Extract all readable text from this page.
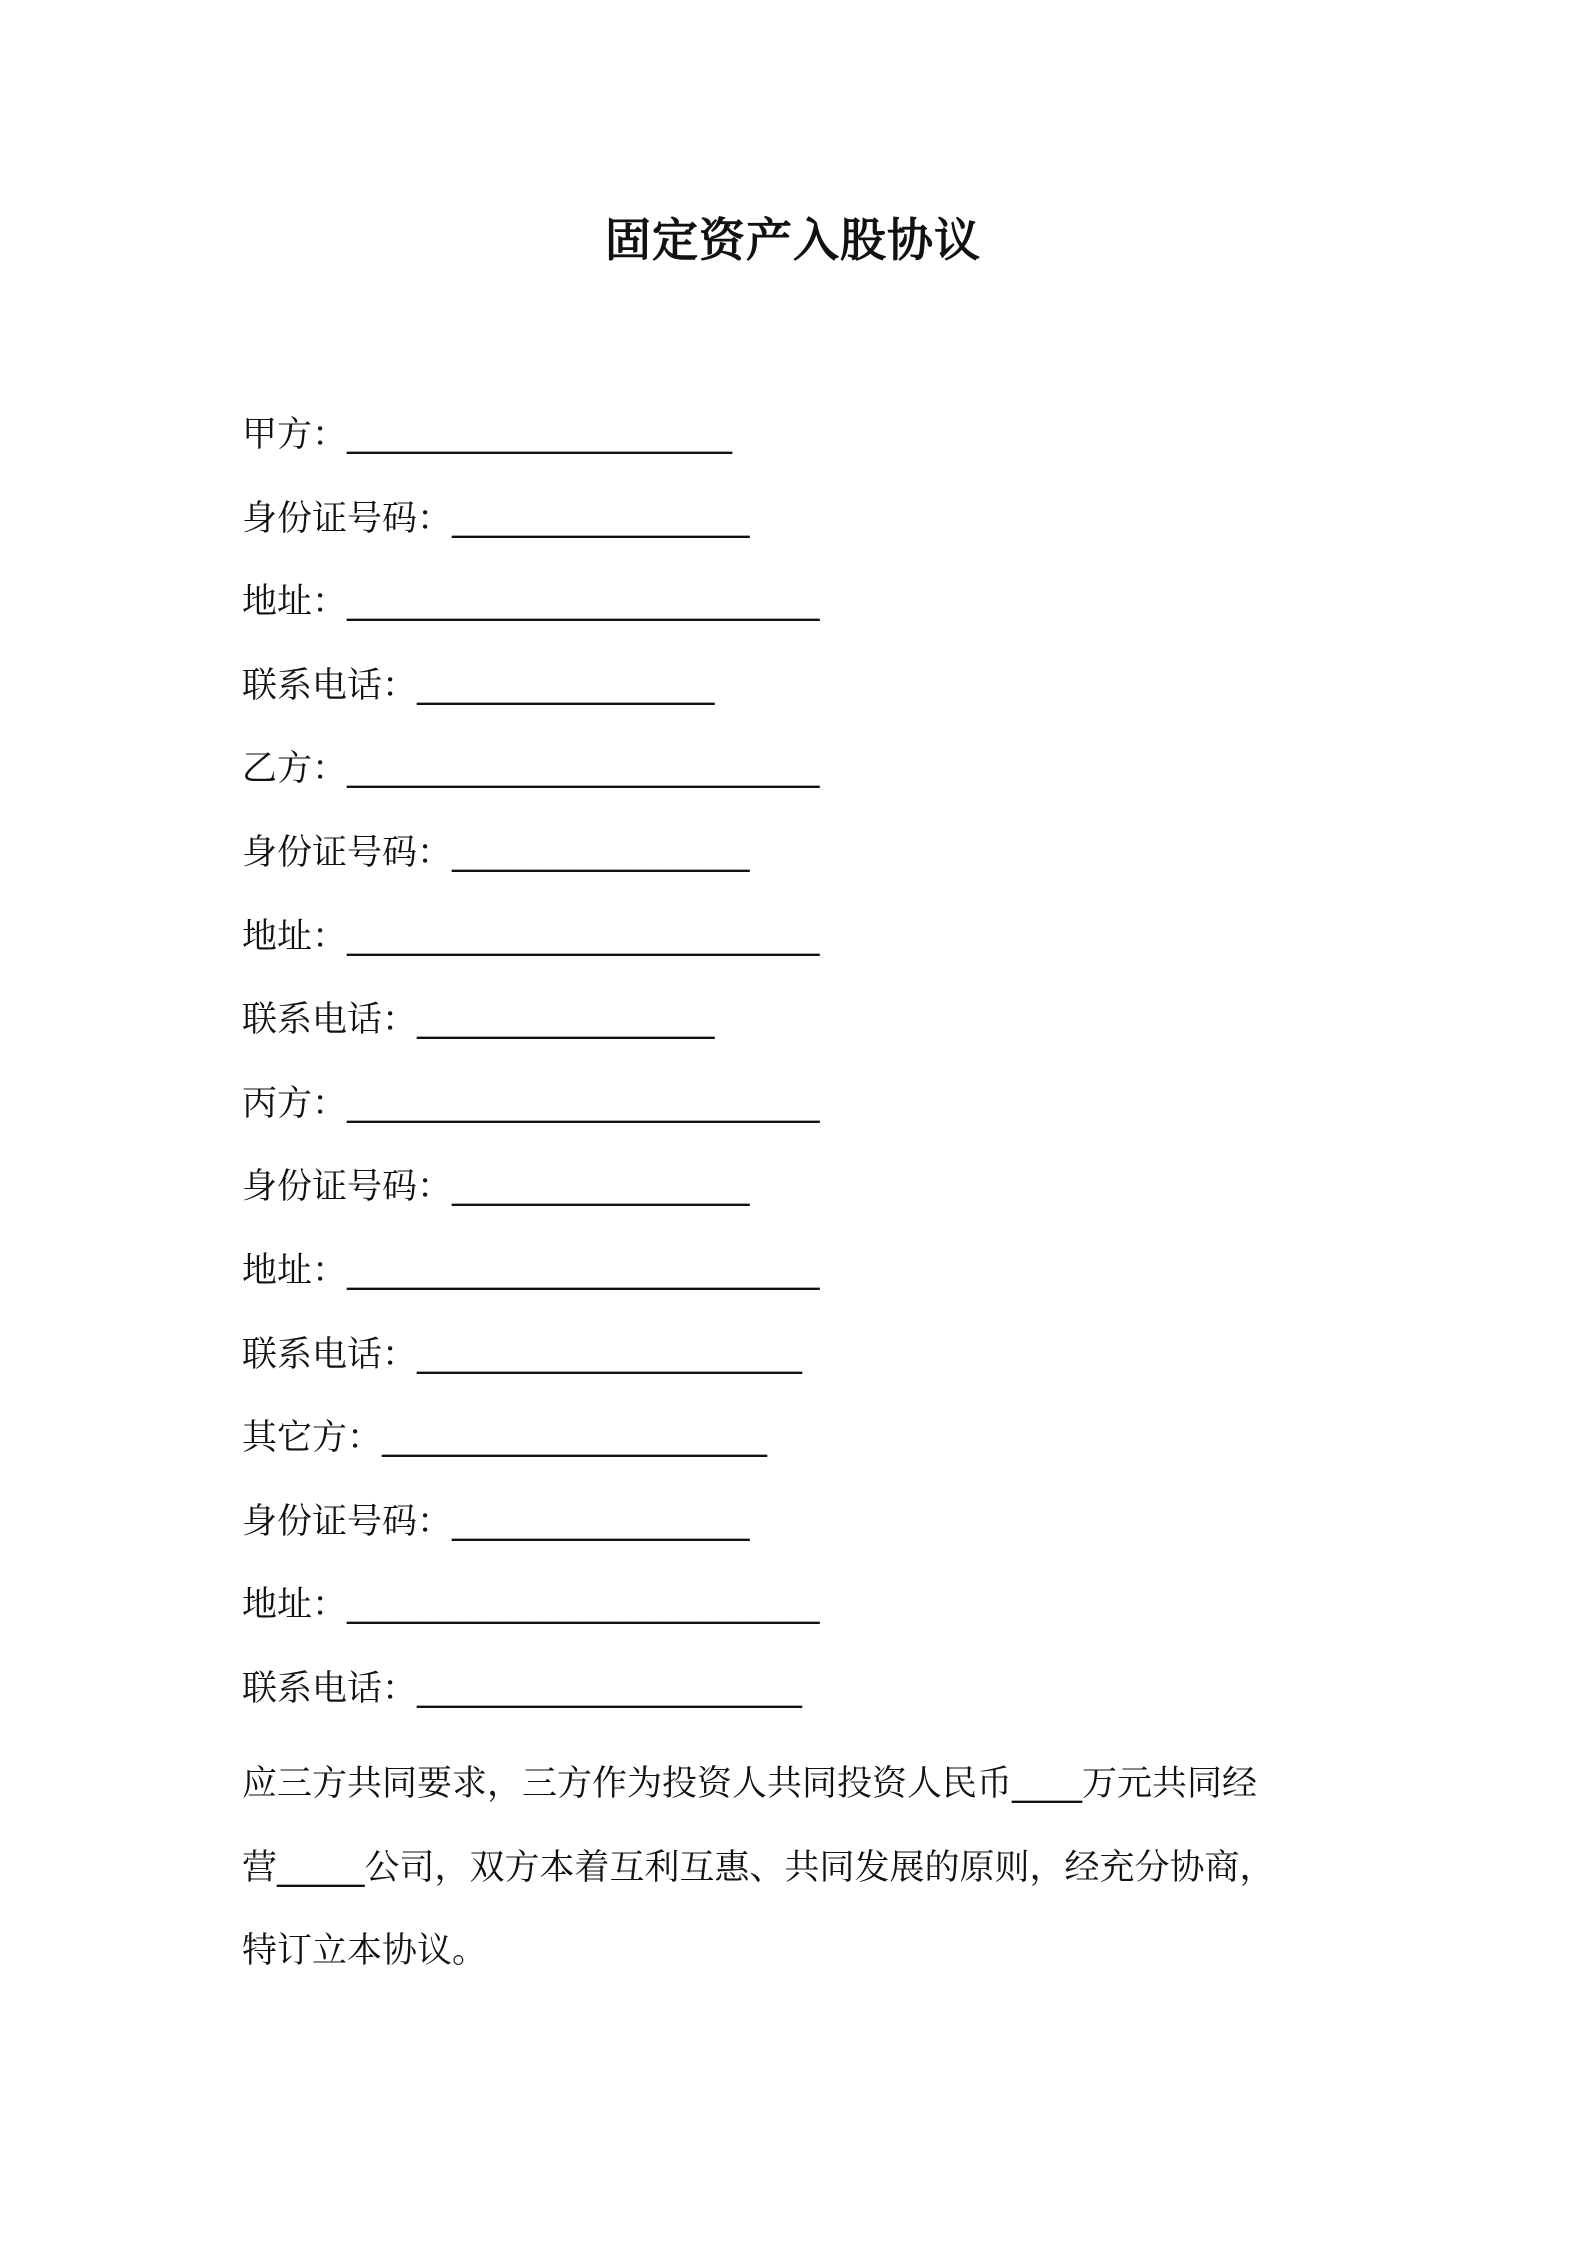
固定资产入股协议
甲方：______________________
身份证号码：_________________
地址：___________________________
联系电话：_________________
乙方：___________________________
身份证号码：_________________
地址：___________________________
联系电话：_________________
丙方：___________________________
身份证号码：_________________
地址：___________________________
联系电话：______________________
其它方：______________________
身份证号码：_________________
地址：___________________________
联系电话：______________________
应三方共同要求，三方作为投资人共同投资人民币____万元共同经
营_____公司，双方本着互利互惠、共同发展的原则，经充分协商，
特订立本协议。
